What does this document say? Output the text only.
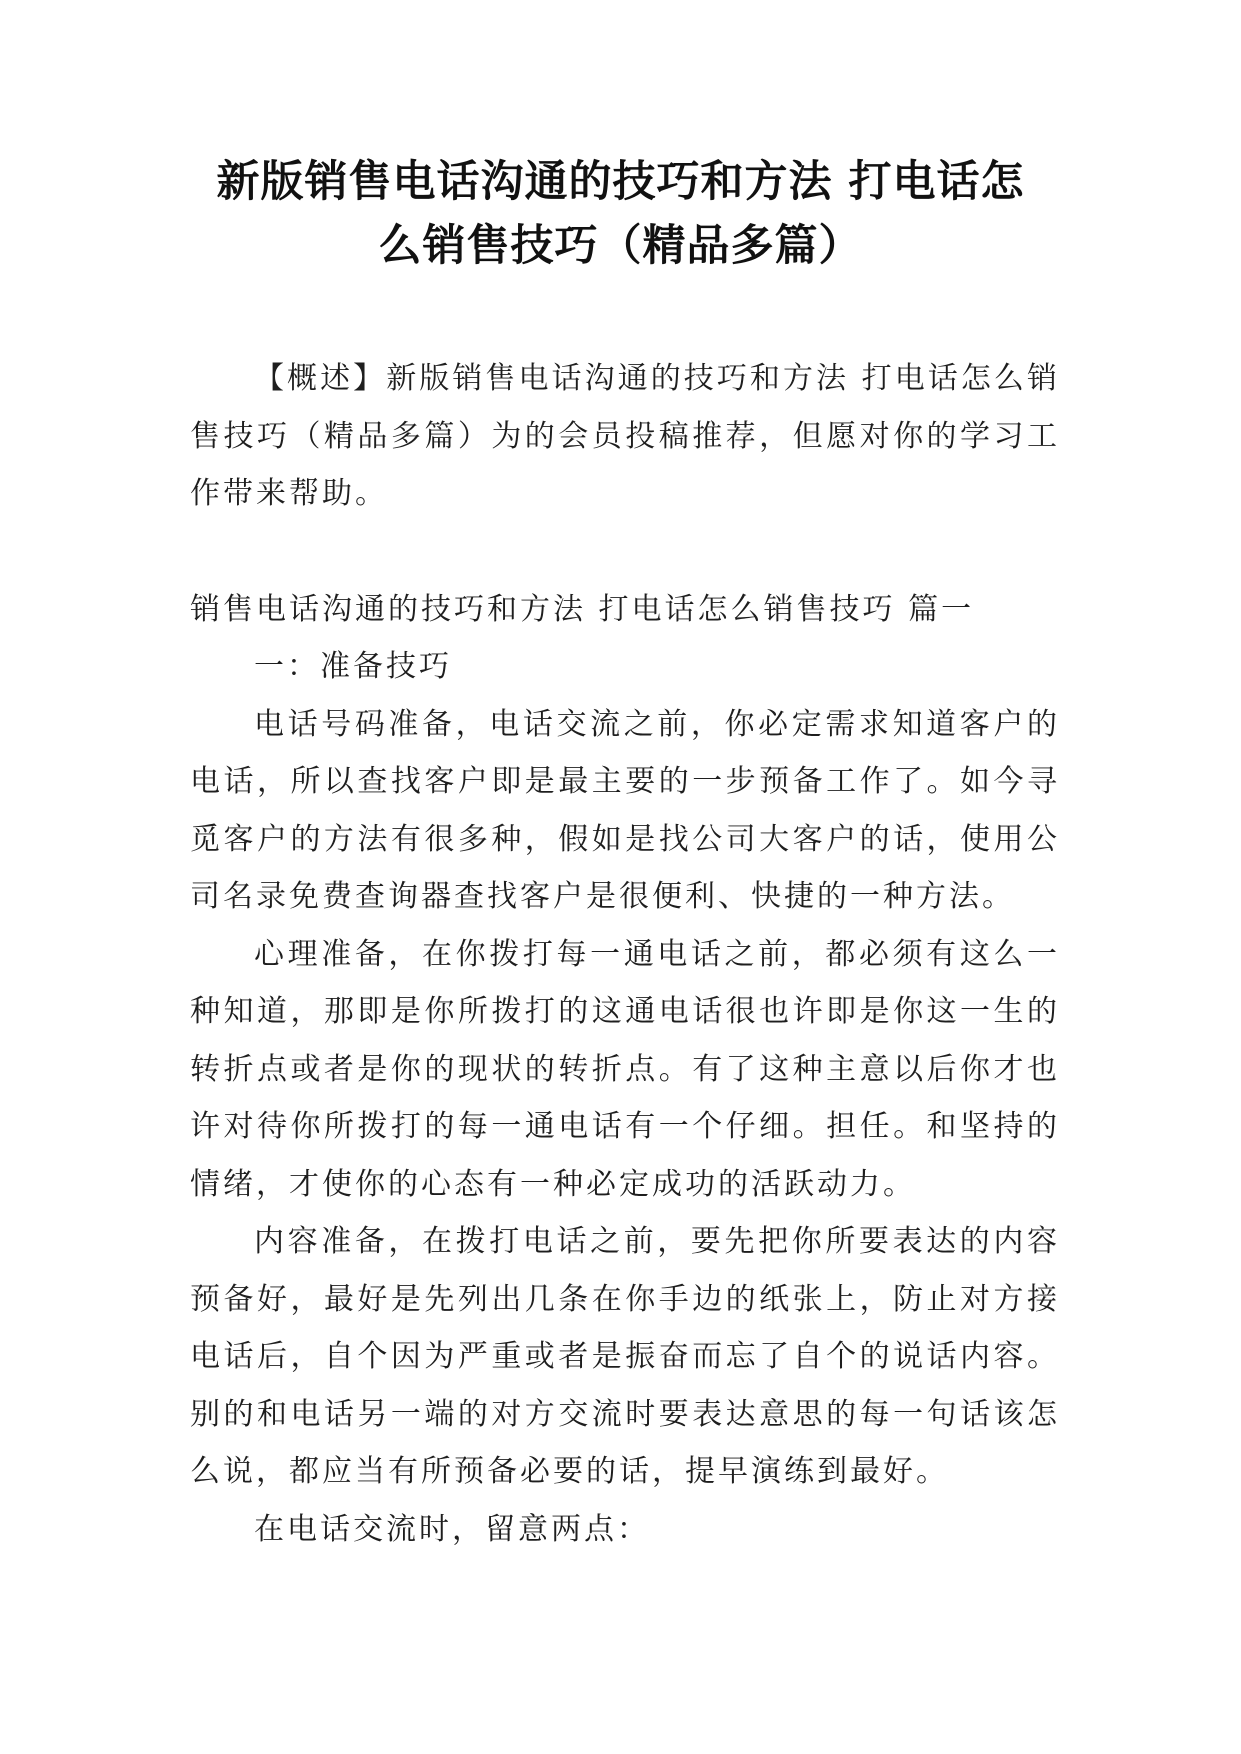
新版销售电话沟通的技巧和方法 打电话怎
么销售技巧（精品多篇）

【概述】新版销售电话沟通的技巧和方法 打电话怎么销售技巧（精品多篇）为的会员投稿推荐，但愿对你的学习工作带来帮助。

销售电话沟通的技巧和方法 打电话怎么销售技巧 篇一

一：准备技巧

电话号码准备，电话交流之前，你必定需求知道客户的电话，所以查找客户即是最主要的一步预备工作了。如今寻觅客户的方法有很多种，假如是找公司大客户的话，使用公司名录免费查询器查找客户是很便利、快捷的一种方法。

心理准备，在你拨打每一通电话之前，都必须有这么一种知道，那即是你所拨打的这通电话很也许即是你这一生的转折点或者是你的现状的转折点。有了这种主意以后你才也许对待你所拨打的每一通电话有一个仔细。担任。和坚持的情绪，才使你的心态有一种必定成功的活跃动力。

内容准备，在拨打电话之前，要先把你所要表达的内容预备好，最好是先列出几条在你手边的纸张上，防止对方接电话后，自个因为严重或者是振奋而忘了自个的说话内容。别的和电话另一端的对方交流时要表达意思的每一句话该怎么说，都应当有所预备必要的话，提早演练到最好。

在电话交流时，留意两点：
